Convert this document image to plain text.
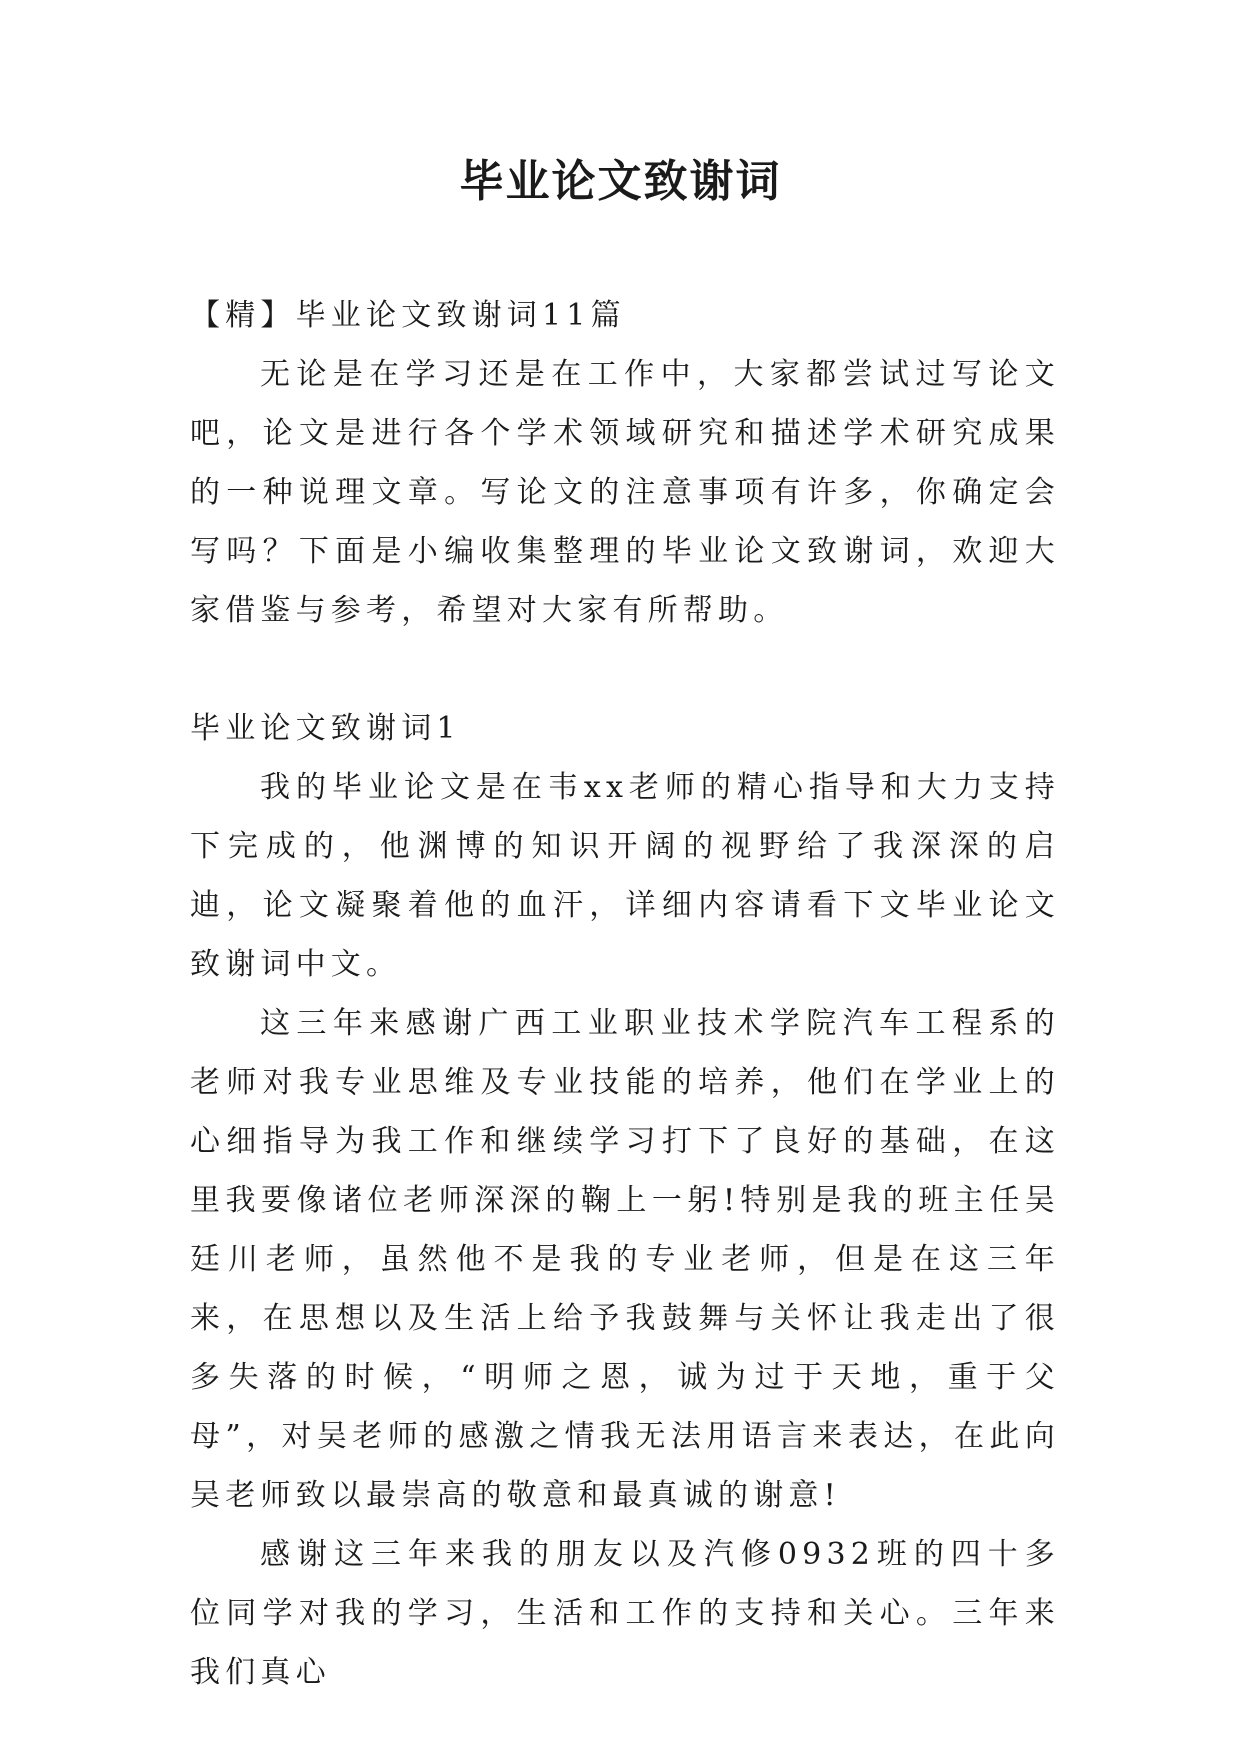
毕业论文致谢词

【精】毕业论文致谢词11篇

无论是在学习还是在工作中，大家都尝试过写论文吧，论文是进行各个学术领域研究和描述学术研究成果的一种说理文章。写论文的注意事项有许多，你确定会写吗？下面是小编收集整理的毕业论文致谢词，欢迎大家借鉴与参考，希望对大家有所帮助。

毕业论文致谢词1

我的毕业论文是在韦xx老师的精心指导和大力支持下完成的，他渊博的知识开阔的视野给了我深深的启迪，论文凝聚着他的血汗，详细内容请看下文毕业论文致谢词中文。

这三年来感谢广西工业职业技术学院汽车工程系的老师对我专业思维及专业技能的培养，他们在学业上的心细指导为我工作和继续学习打下了良好的基础，在这里我要像诸位老师深深的鞠上一躬!特别是我的班主任吴廷川老师，虽然他不是我的专业老师，但是在这三年来，在思想以及生活上给予我鼓舞与关怀让我走出了很多失落的时候，“明师之恩，诚为过于天地，重于父母”，对吴老师的感激之情我无法用语言来表达，在此向吴老师致以最崇高的敬意和最真诚的谢意!

感谢这三年来我的朋友以及汽修0932班的四十多位同学对我的学习，生活和工作的支持和关心。三年来我们真心
